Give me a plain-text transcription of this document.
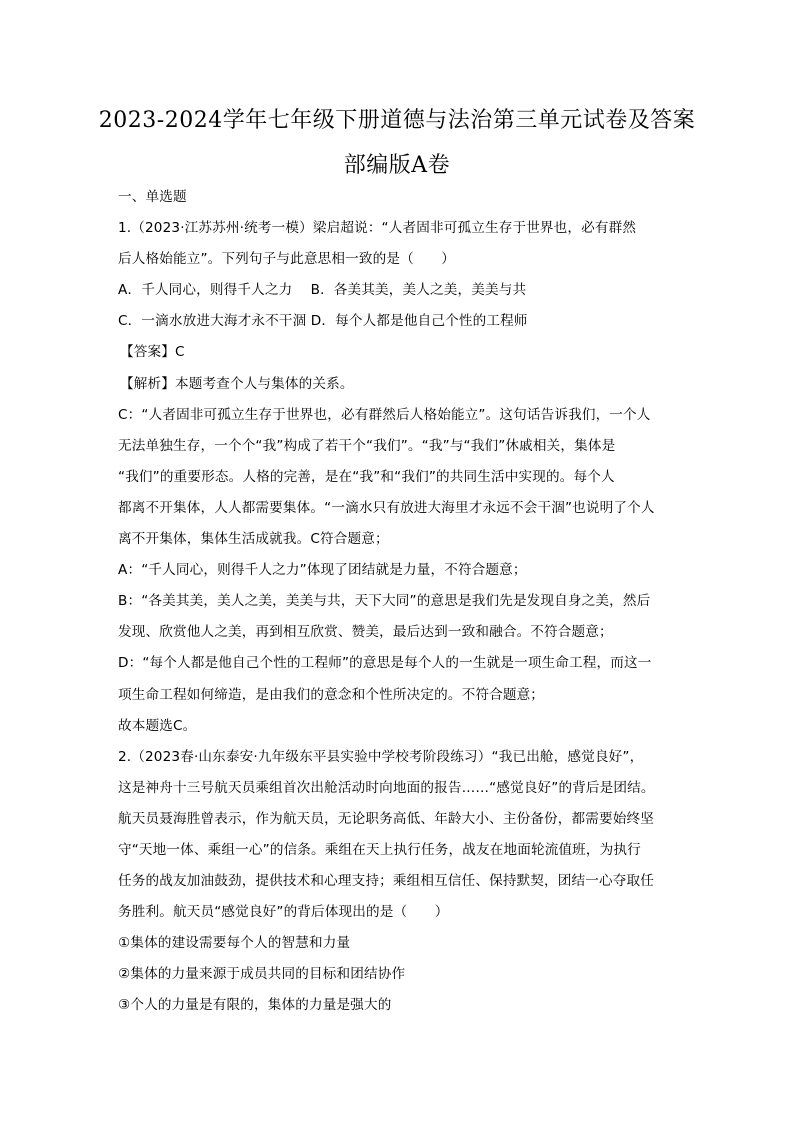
2023-2024学年七年级下册道德与法治第三单元试卷及答案
部编版A卷
一、单选题
1.（2023·江苏苏州·统考一模）梁启超说：“人者固非可孤立生存于世界也，必有群然
后人格始能立”。下列句子与此意思相一致的是（　　）
A．千人同心，则得千人之力　 B．各美其美，美人之美，美美与共
C．一滴水放进大海才永不干涸 D．每个人都是他自己个性的工程师
【答案】C
【解析】本题考查个人与集体的关系。
C：“人者固非可孤立生存于世界也，必有群然后人格始能立”。这句话告诉我们，一个人
无法单独生存，一个个“我”构成了若干个“我们”。“我”与“我们”休戚相关，集体是
“我们”的重要形态。人格的完善，是在“我”和“我们”的共同生活中实现的。每个人
都离不开集体，人人都需要集体。“一滴水只有放进大海里才永远不会干涸”也说明了个人
离不开集体，集体生活成就我。C符合题意；
A：“千人同心，则得千人之力”体现了团结就是力量，不符合题意；
B：“各美其美，美人之美，美美与共，天下大同”的意思是我们先是发现自身之美，然后
发现、欣赏他人之美，再到相互欣赏、赞美，最后达到一致和融合。不符合题意；
D：“每个人都是他自己个性的工程师”的意思是每个人的一生就是一项生命工程，而这一
项生命工程如何缔造，是由我们的意念和个性所决定的。不符合题意；
故本题选C。
2.（2023春·山东泰安·九年级东平县实验中学校考阶段练习）“我已出舱，感觉良好”，
这是神舟十三号航天员乘组首次出舱活动时向地面的报告……“感觉良好”的背后是团结。
航天员聂海胜曾表示，作为航天员，无论职务高低、年龄大小、主份备份，都需要始终坚
守“天地一体、乘组一心”的信条。乘组在天上执行任务，战友在地面轮流值班，为执行
任务的战友加油鼓劲，提供技术和心理支持；乘组相互信任、保持默契，团结一心夺取任
务胜利。航天员“感觉良好”的背后体现出的是（　　）
①集体的建设需要每个人的智慧和力量
②集体的力量来源于成员共同的目标和团结协作
③个人的力量是有限的，集体的力量是强大的
